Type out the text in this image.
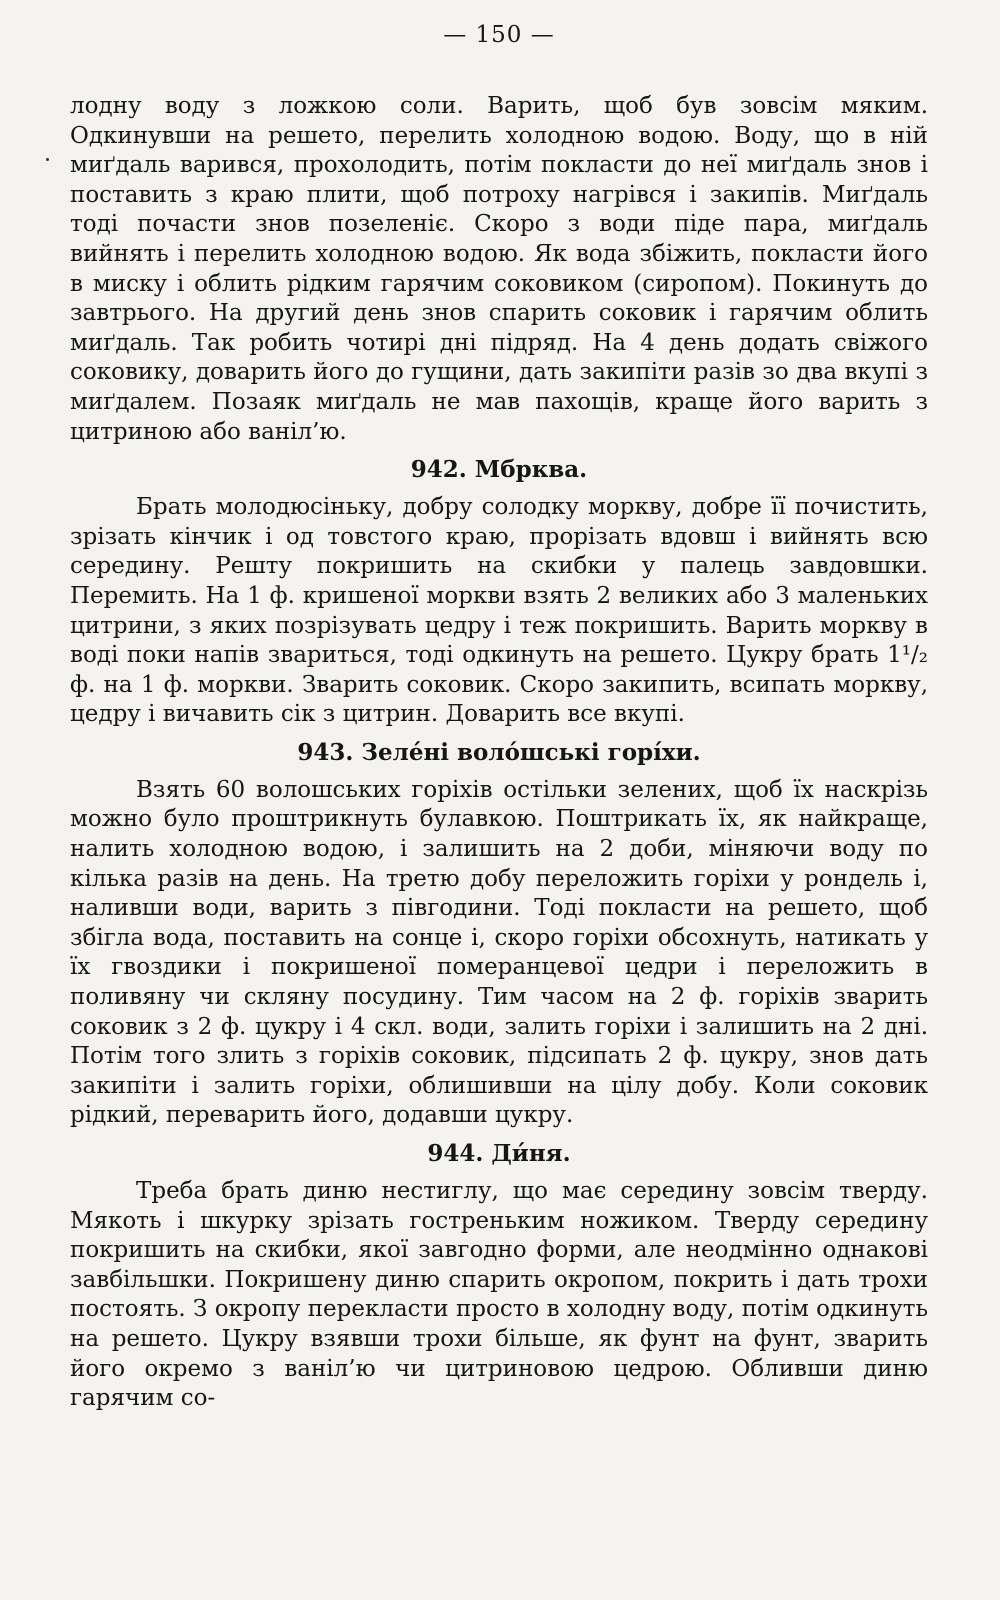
— 150 —

лодну воду з ложкою соли. Варить, щоб був зовсім мяким. Одкинувши на решето, перелить холодною водою. Воду, що в ній миґдаль варився, прохолодить, потім покласти до неї миґдаль знов і поставить з краю плити, щоб потроху нагрівся і закипів. Миґдаль тоді почасти знов позеленіє. Скоро з води піде пара, миґдаль вийнять і перелить холодною водою. Як вода збіжить, покласти його в миску і облить рідким гарячим соковиком (сиропом). Покинуть до завтрього. На другий день знов спарить соковик і гарячим облить миґдаль. Так робить чотирі дні підряд. На 4 день додать свіжого соковику, доварить його до гущини, дать закипіти разів зо два вкупі з миґдалем. Позаяк миґдаль не мав пахощів, краще його варить з цитриною або ваніл’ю.

942. Мбрква.

Брать молодюсіньку, добру солодку моркву, добре її почистить, зрізать кінчик і од товстого краю, прорізать вдовш і вийнять всю середину. Решту покришить на скибки у палець завдовшки. Перемить. На 1 ф. кришеної моркви взять 2 великих або 3 маленьких цитрини, з яких позрізувать цедру і теж покришить. Варить моркву в воді поки напів звариться, тоді одкинуть на решето. Цукру брать 1¹/₂ ф. на 1 ф. моркви. Зварить соковик. Скоро закипить, всипать моркву, цедру і вичавить сік з цитрин. Доварить все вкупі.

943. Зелéні волóшські горíхи.

Взять 60 волошських горіхів остільки зелених, щоб їх наскрізь можно було проштрикнуть булавкою. Поштрикать їх, як найкраще, налить холодною водою, і залишить на 2 доби, міняючи воду по кілька разів на день. На третю добу переложить горіхи у рондель і, наливши води, варить з півгодини. Тоді покласти на решето, щоб збігла вода, поставить на сонце і, скоро горіхи обсохнуть, натикать у їх гвоздики і покришеної померанцевої цедри і переложить в поливяну чи скляну посудину. Тим часом на 2 ф. горіхів зварить соковик з 2 ф. цукру і 4 скл. води, залить горіхи і залишить на 2 дні. Потім того злить з горіхів соковик, підсипать 2 ф. цукру, знов дать закипіти і залить горіхи, облишивши на цілу добу. Коли соковик рідкий, переварить його, додавши цукру.

944. Ди́ня.

Треба брать диню нестиглу, що має середину зовсім тверду. Мякоть і шкурку зрізать гостреньким ножиком. Тверду середину покришить на скибки, якої завгодно форми, але неодмінно однакові завбільшки. Покришену диню спарить окропом, покрить і дать трохи постоять. З окропу перекласти просто в холодну воду, потім одкинуть на решето. Цукру взявши трохи більше, як фунт на фунт, зварить його окремо з ваніл’ю чи цитриновою цедрою. Обливши диню гарячим со-
